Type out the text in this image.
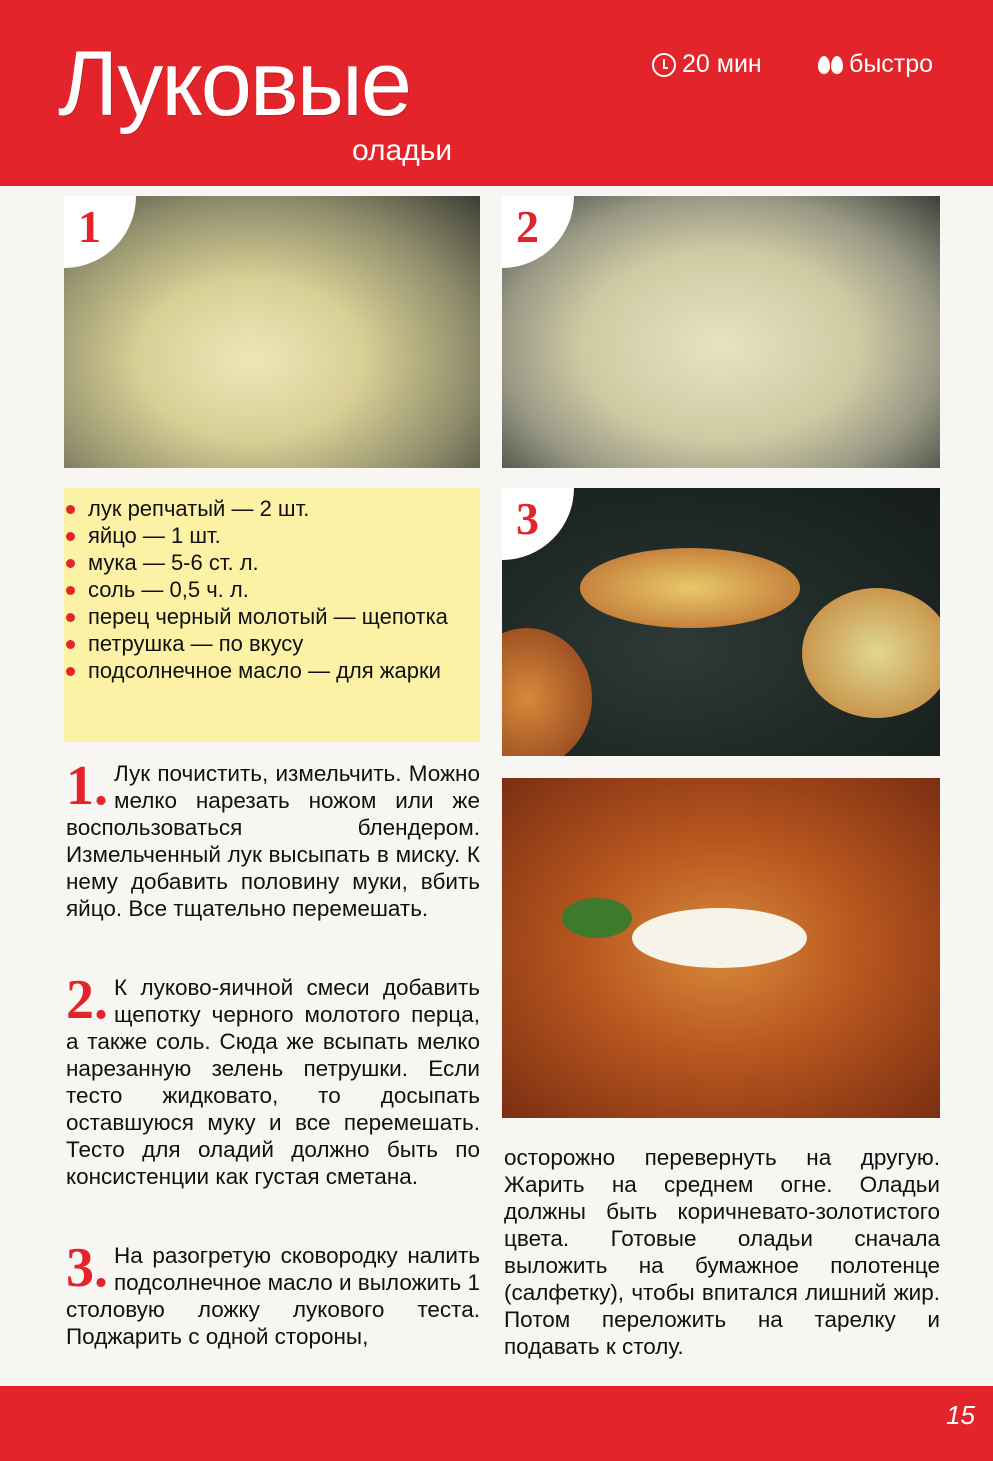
Луковые
оладьи
20 мин	быстро
1	2
3
лук репчатый — 2 шт.
яйцо — 1 шт.
мука — 5-6 ст. л.
соль — 0,5 ч. л.
перец черный молотый — щепотка
петрушка — по вкусу
подсолнечное масло — для жарки
1. Лук почистить, измельчить. Можно мелко нарезать ножом или же воспользоваться блендером. Измельченный лук высыпать в миску. К нему добавить половину муки, вбить яйцо. Все тщательно перемешать.
2. К луково-яичной смеси добавить щепотку черного молотого перца, а также соль. Сюда же всыпать мелко нарезанную зелень петрушки. Если тесто жидковато, то досыпать оставшуюся муку и все перемешать. Тесто для оладий должно быть по консистенции как густая сметана.
3. На разогретую сковородку налить подсолнечное масло и выложить 1 столовую ложку лукового теста. Поджарить с одной стороны,
осторожно перевернуть на другую. Жарить на среднем огне. Оладьи должны быть коричневато-золотистого цвета. Готовые оладьи сначала выложить на бумажное полотенце (салфетку), чтобы впитался лишний жир. Потом переложить на тарелку и подавать к столу.
15
